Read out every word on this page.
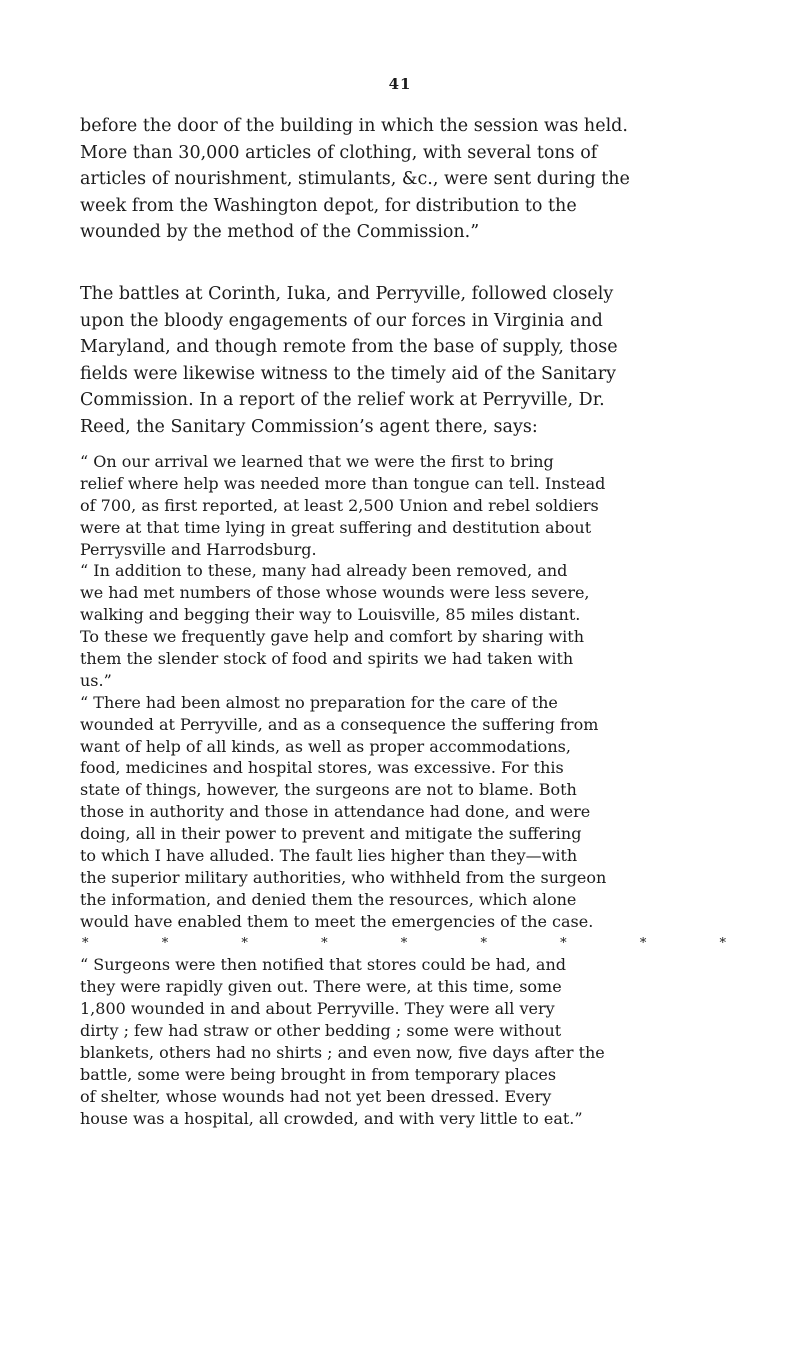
41
before the door of the building in which the session was held.
More than 30,000 articles of clothing, with several tons of
articles of nourishment, stimulants, &c., were sent during the
week from the Washington depot, for distribution to the
wounded by the method of the Commission.”
The battles at Corinth, Iuka, and Perryville, followed closely
upon the bloody engagements of our forces in Virginia and
Maryland, and though remote from the base of supply, those
fields were likewise witness to the timely aid of the Sanitary
Commission. In a report of the relief work at Perryville, Dr.
Reed, the Sanitary Commission’s agent there, says:
“ On our arrival we learned that we were the first to bring
relief where help was needed more than tongue can tell. Instead
of 700, as first reported, at least 2,500 Union and rebel soldiers
were at that time lying in great suffering and destitution about
Perrysville and Harrodsburg.
“ In addition to these, many had already been removed, and
we had met numbers of those whose wounds were less severe,
walking and begging their way to Louisville, 85 miles distant.
To these we frequently gave help and comfort by sharing with
them the slender stock of food and spirits we had taken with
us.”
“ There had been almost no preparation for the care of the
wounded at Perryville, and as a consequence the suffering from
want of help of all kinds, as well as proper accommodations,
food, medicines and hospital stores, was excessive. For this
state of things, however, the surgeons are not to blame. Both
those in authority and those in attendance had done, and were
doing, all in their power to prevent and mitigate the suffering
to which I have alluded. The fault lies higher than they—with
the superior military authorities, who withheld from the surgeon
the information, and denied them the resources, which alone
would have enabled them to meet the emergencies of the case.
*	*	*	*	*	*	*	*	*
“ Surgeons were then notified that stores could be had, and
they were rapidly given out. There were, at this time, some
1,800 wounded in and about Perryville. They were all very
dirty ; few had straw or other bedding ; some were without
blankets, others had no shirts ; and even now, five days after the
battle, some were being brought in from temporary places
of shelter, whose wounds had not yet been dressed. Every
house was a hospital, all crowded, and with very little to eat.”
